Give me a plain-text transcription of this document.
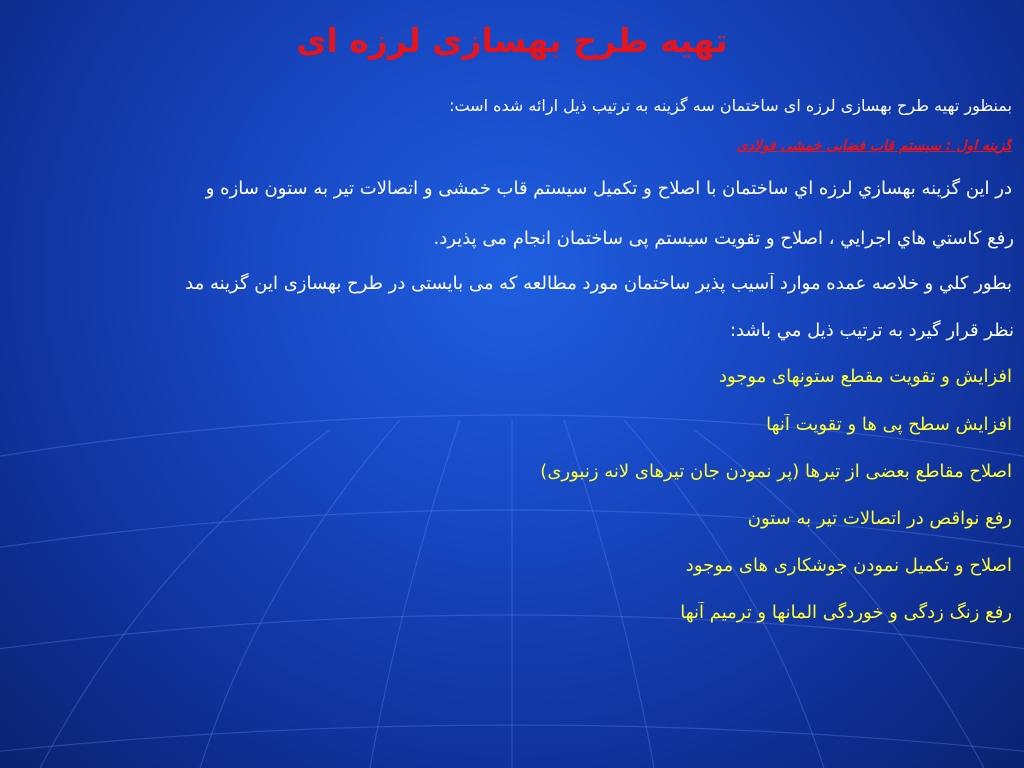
تهیه طرح بهسازی لرزه ای
بمنظور تهیه طرح بهسازی لرزه ای ساختمان سه گزینه به ترتیب ذیل ارائه شده است:
گزینه اول : سیستم قاب فضایی خمشی فولادی
در این گزینه بهسازي لرزه اي ساختمان با اصلاح و تکمیل سیستم قاب خمشی و اتصالات تیر به ستون سازه و
رفع کاستي هاي اجرايي ، اصلاح و تقویت سیستم پی ساختمان انجام می پذیرد.
بطور کلي و خلاصه عمده موارد آسیب پذیر ساختمان مورد مطالعه که می بایستی در طرح بهسازی این گزینه مد
نظر قرار گیرد به ترتیب ذیل مي باشد:
افزایش و تقویت مقطع ستونهای موجود
افزایش سطح پی ها و تقویت آنها
اصلاح مقاطع بعضی از تیرها (پر نمودن جان تیرهای لانه زنبوری)
رفع نواقص در اتصالات تیر به ستون
اصلاح و تکمیل نمودن جوشکاری های موجود
رفع زنگ زدگی و خوردگی المانها و ترمیم آنها
